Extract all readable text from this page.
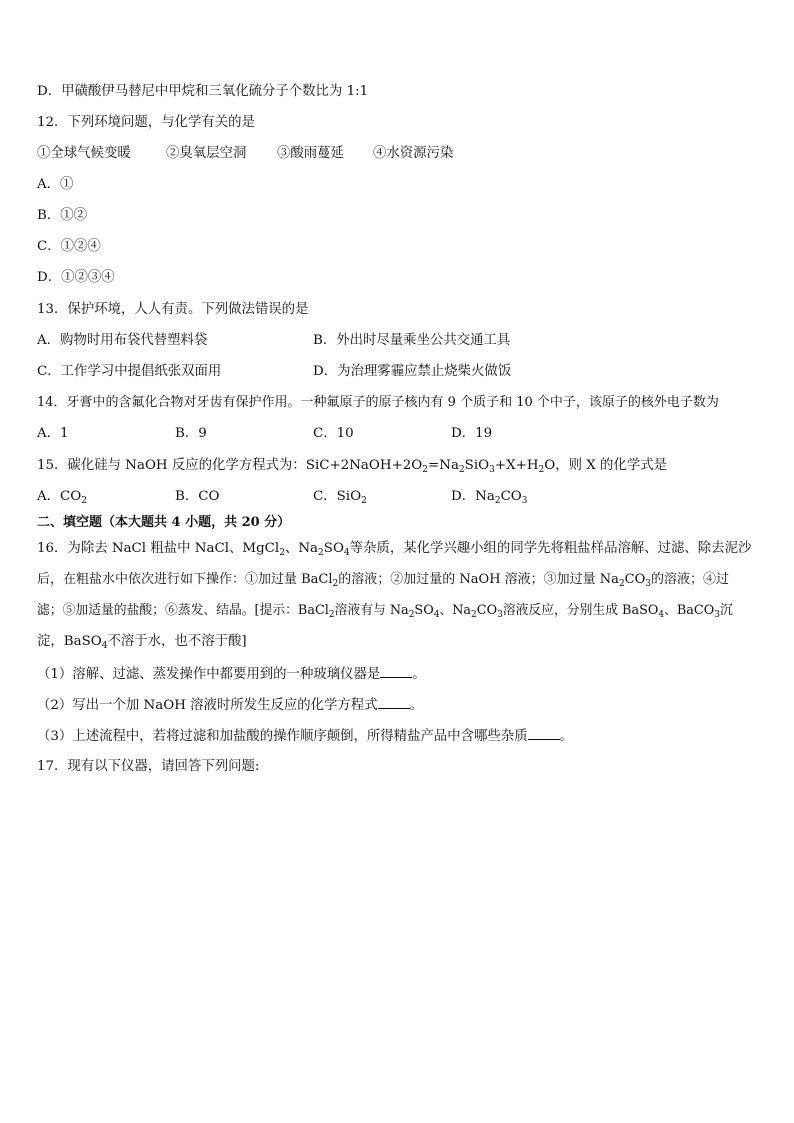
D．甲磺酸伊马替尼中甲烷和三氧化硫分子个数比为 1:1
12．下列环境问题，与化学有关的是
①全球气候变暖	②臭氧层空洞 ③酸雨蔓延 ④水资源污染
A．①
B．①②
C．①②④
D．①②③④
13．保护环境，人人有责。下列做法错误的是
A．购物时用布袋代替塑料袋	B．外出时尽量乘坐公共交通工具
C．工作学习中提倡纸张双面用	D．为治理雾霾应禁止烧柴火做饭
14．牙膏中的含氟化合物对牙齿有保护作用。一种氟原子的原子核内有 9 个质子和 10 个中子，该原子的核外电子数为
A．1	B．9	C．10	D．19
15．碳化硅与 NaOH 反应的化学方程式为：$SiC+2NaOH+2O_2=Na_2SiO_3+X+H_2O$，则 X 的化学式是
A．$CO_2$	B．CO	C．SiO$_2$	D．$Na_2CO_3$
二、填空题（本大题共 4 小题，共 20 分）
16．为除去 NaCl 粗盐中 NaCl、MgCl$_2$、$Na_2SO_4$等杂质，某化学兴趣小组的同学先将粗盐样品溶解、过滤、除去泥沙
后，在粗盐水中依次进行如下操作：①加过量 BaCl$_2$的溶液；②加过量的 NaOH 溶液；③加过量 $Na_2CO_3$的溶液；④过
滤；⑤加适量的盐酸；⑥蒸发、结晶。[提示：BaCl$_2$溶液有与 $Na_2SO_4$、$Na_2CO_3$溶液反应，分别生成 BaSO$_4$、BaCO$_3$沉
淀，BaSO$_4$不溶于水，也不溶于酸]
（1）溶解、过滤、蒸发操作中都要用到的一种玻璃仪器是 。
（2）写出一个加 NaOH 溶液时所发生反应的化学方程式 。
（3）上述流程中，若将过滤和加盐酸的操作顺序颠倒，所得精盐产品中含哪些杂质 。
17．现有以下仪器，请回答下列问题:
